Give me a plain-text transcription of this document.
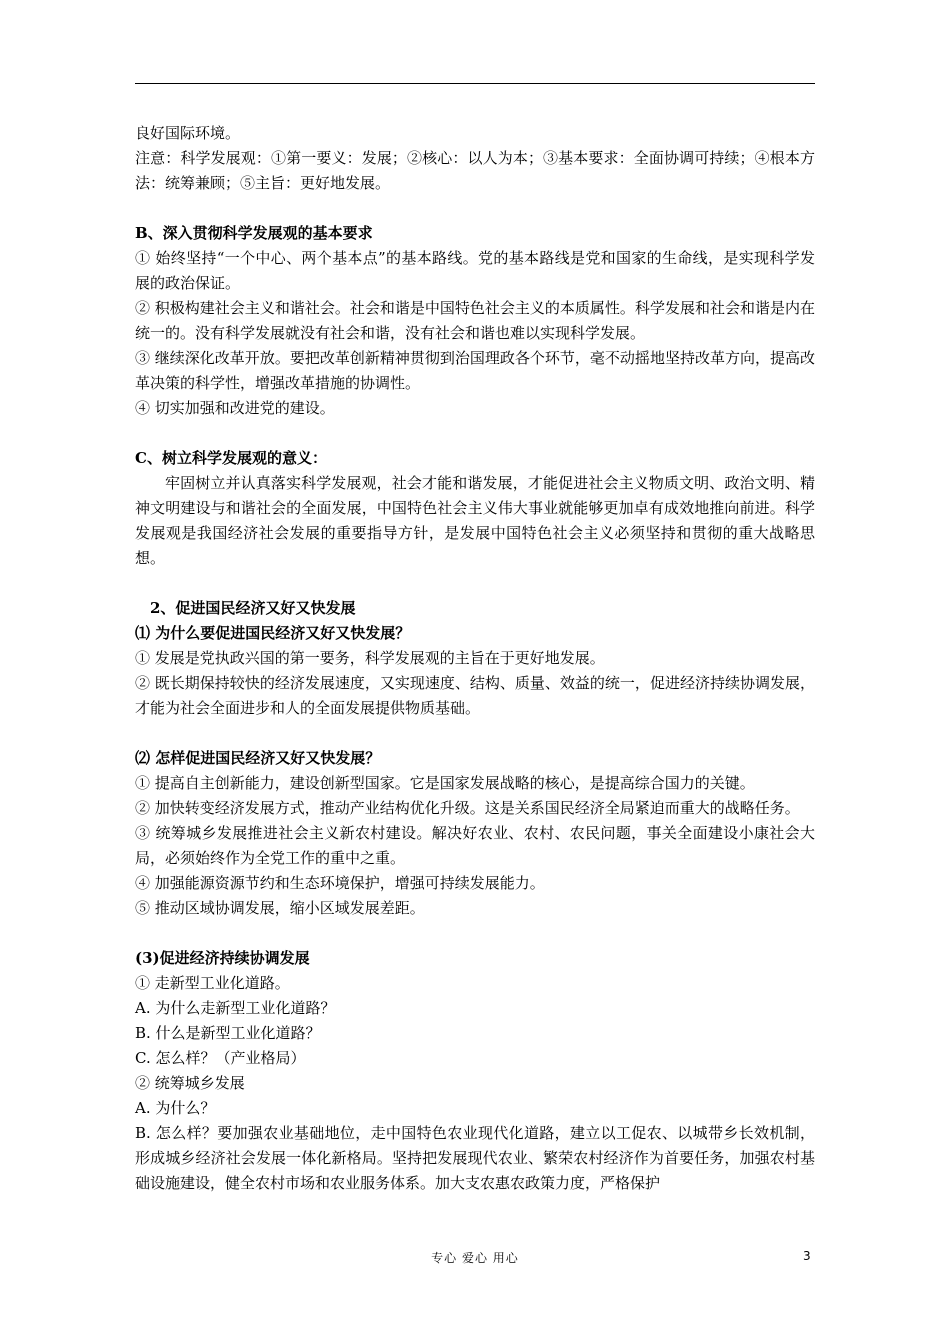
良好国际环境。

注意：科学发展观：①第一要义：发展；②核心：以人为本；③基本要求：全面协调可持续；④根本方法：统筹兼顾；⑤主旨：更好地发展。

B、深入贯彻科学发展观的基本要求

① 始终坚持“一个中心、两个基本点”的基本路线。党的基本路线是党和国家的生命线，是实现科学发展的政治保证。

② 积极构建社会主义和谐社会。社会和谐是中国特色社会主义的本质属性。科学发展和社会和谐是内在统一的。没有科学发展就没有社会和谐，没有社会和谐也难以实现科学发展。

③ 继续深化改革开放。要把改革创新精神贯彻到治国理政各个环节，毫不动摇地坚持改革方向，提高改革决策的科学性，增强改革措施的协调性。

④ 切实加强和改进党的建设。

C、树立科学发展观的意义：

牢固树立并认真落实科学发展观，社会才能和谐发展，才能促进社会主义物质文明、政治文明、精神文明建设与和谐社会的全面发展，中国特色社会主义伟大事业就能够更加卓有成效地推向前进。科学发展观是我国经济社会发展的重要指导方针，是发展中国特色社会主义必须坚持和贯彻的重大战略思想。

2、促进国民经济又好又快发展

⑴ 为什么要促进国民经济又好又快发展？

① 发展是党执政兴国的第一要务，科学发展观的主旨在于更好地发展。

② 既长期保持较快的经济发展速度，又实现速度、结构、质量、效益的统一，促进经济持续协调发展，才能为社会全面进步和人的全面发展提供物质基础。

⑵ 怎样促进国民经济又好又快发展？

① 提高自主创新能力，建设创新型国家。它是国家发展战略的核心，是提高综合国力的关键。

② 加快转变经济发展方式，推动产业结构优化升级。这是关系国民经济全局紧迫而重大的战略任务。

③ 统筹城乡发展推进社会主义新农村建设。解决好农业、农村、农民问题，事关全面建设小康社会大局，必须始终作为全党工作的重中之重。

④ 加强能源资源节约和生态环境保护，增强可持续发展能力。

⑤ 推动区域协调发展，缩小区域发展差距。

(3)促进经济持续协调发展

① 走新型工业化道路。

A. 为什么走新型工业化道路？

B. 什么是新型工业化道路？

C. 怎么样？（产业格局）

② 统筹城乡发展

A. 为什么？

B. 怎么样？要加强农业基础地位，走中国特色农业现代化道路，建立以工促农、以城带乡长效机制，形成城乡经济社会发展一体化新格局。坚持把发展现代农业、繁荣农村经济作为首要任务，加强农村基础设施建设，健全农村市场和农业服务体系。加大支农惠农政策力度，严格保护

专心 爱心 用心	3
